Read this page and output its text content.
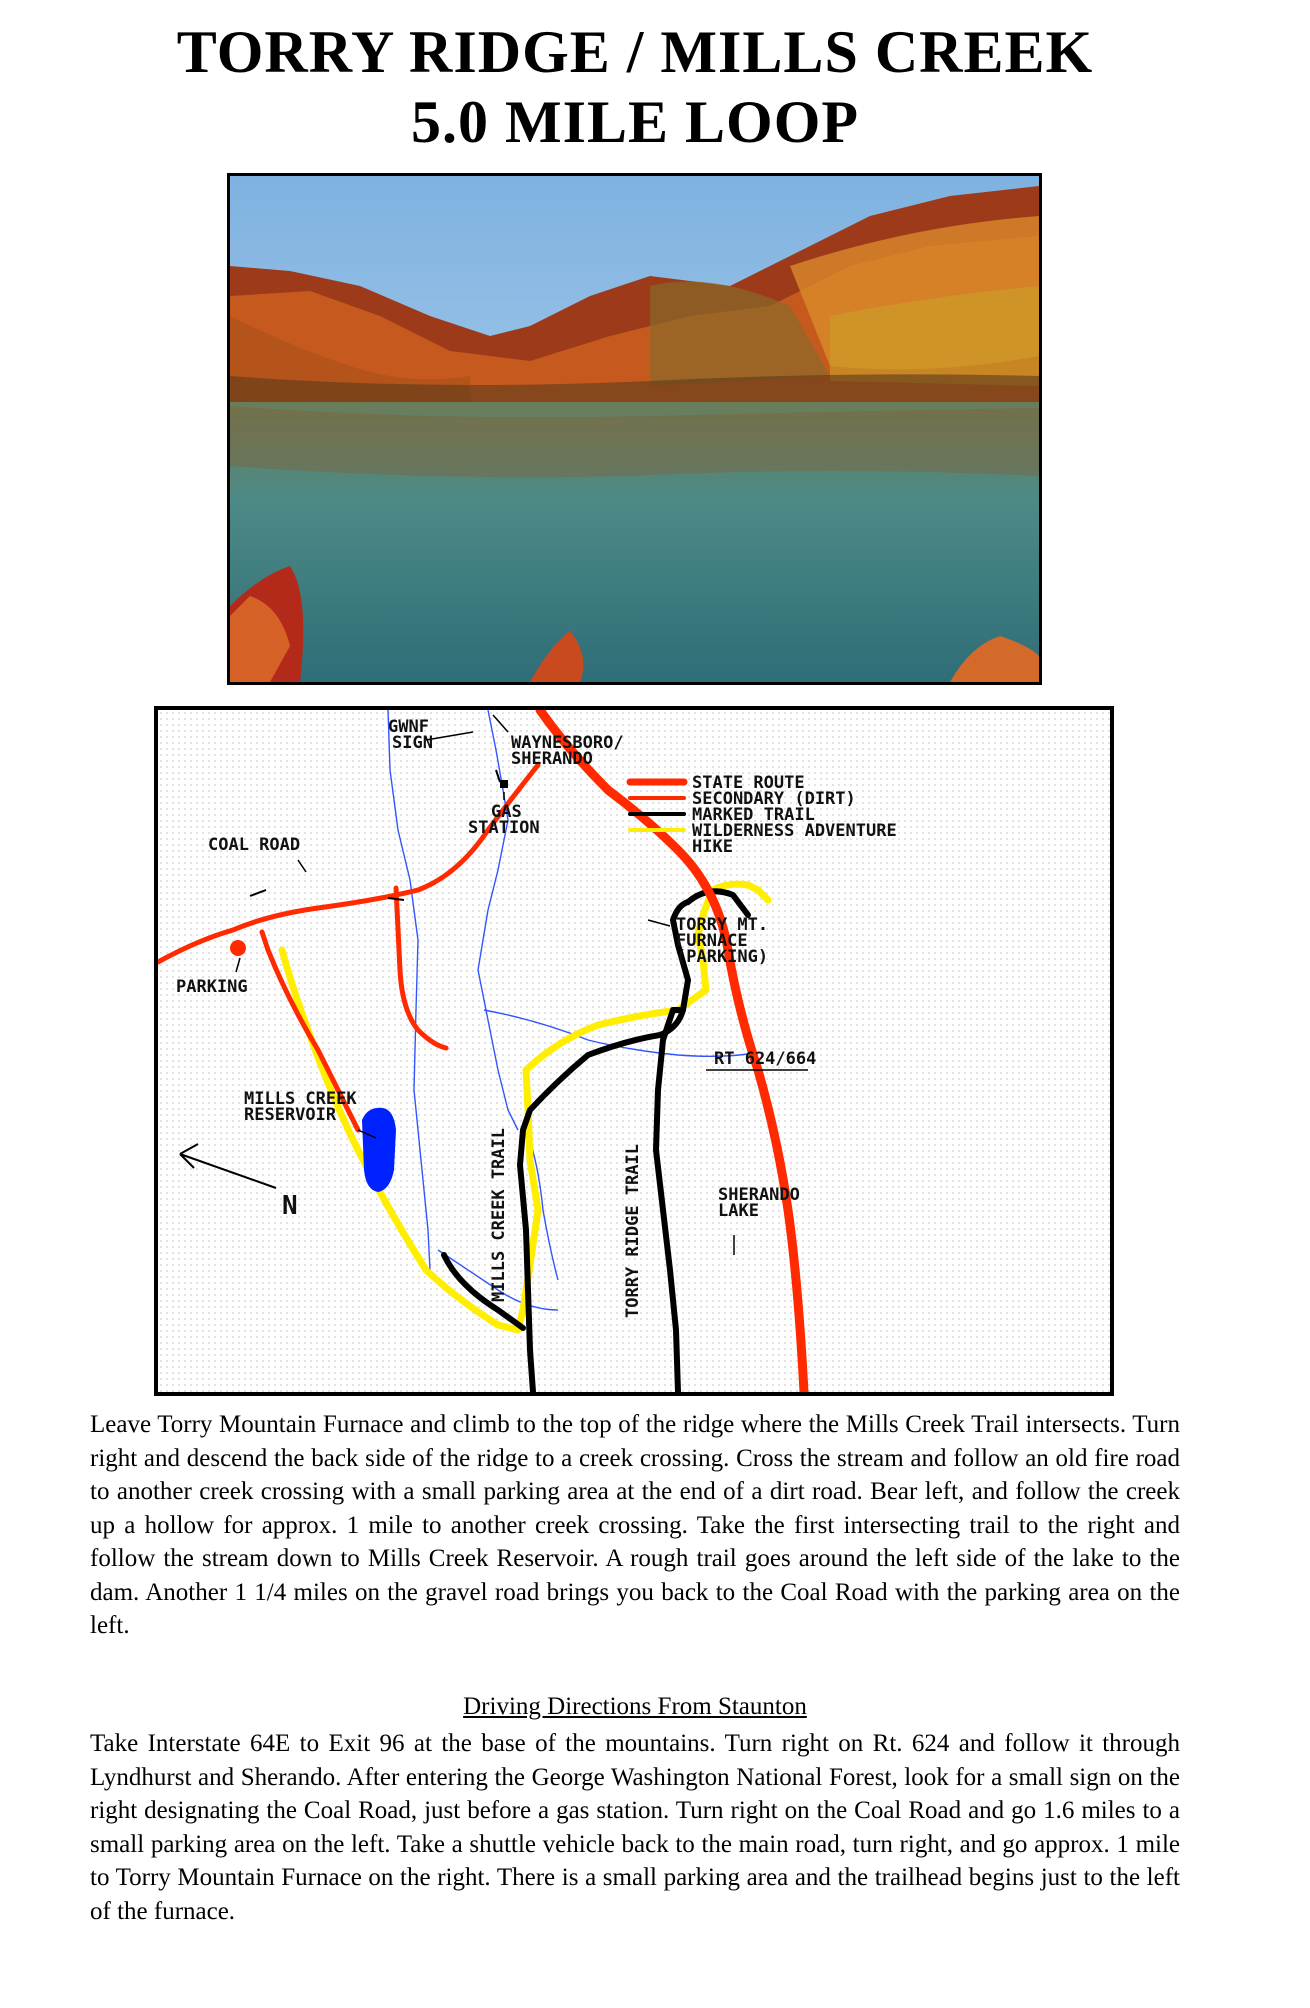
TORRY RIDGE / MILLS CREEK
5.0 MILE LOOP
GWNF
SIGN	WAYNESBORO/
SHERANDO
GAS
STATION
COAL ROAD
PARKING
TORRY MT.
FURNACE
(PARKING)
RT 624/664
MILLS CREEK
RESERVOIR
SHERANDO
LAKE
N	MILLS CREEK TRAIL	TORRY RIDGE TRAIL
STATE ROUTE
SECONDARY (DIRT)
MARKED TRAIL
WILDERNESS ADVENTURE
HIKE
Leave Torry Mountain Furnace and climb to the top of the ridge where the Mills Creek Trail intersects. Turn right and descend the back side of the ridge to a creek crossing. Cross the stream and follow an old fire road to another creek crossing with a small parking area at the end of a dirt road. Bear left, and follow the creek up a hollow for approx. 1 mile to another creek crossing. Take the first intersecting trail to the right and follow the stream down to Mills Creek Reservoir. A rough trail goes around the left side of the lake to the dam. Another 1 1/4 miles on the gravel road brings you back to the Coal Road with the parking area on the left.
Driving Directions From Staunton
Take Interstate 64E to Exit 96 at the base of the mountains. Turn right on Rt. 624 and follow it through Lyndhurst and Sherando. After entering the George Washington National Forest, look for a small sign on the right designating the Coal Road, just before a gas station. Turn right on the Coal Road and go 1.6 miles to a small parking area on the left. Take a shuttle vehicle back to the main road, turn right, and go approx. 1 mile to Torry Mountain Furnace on the right. There is a small parking area and the trailhead begins just to the left of the furnace.
